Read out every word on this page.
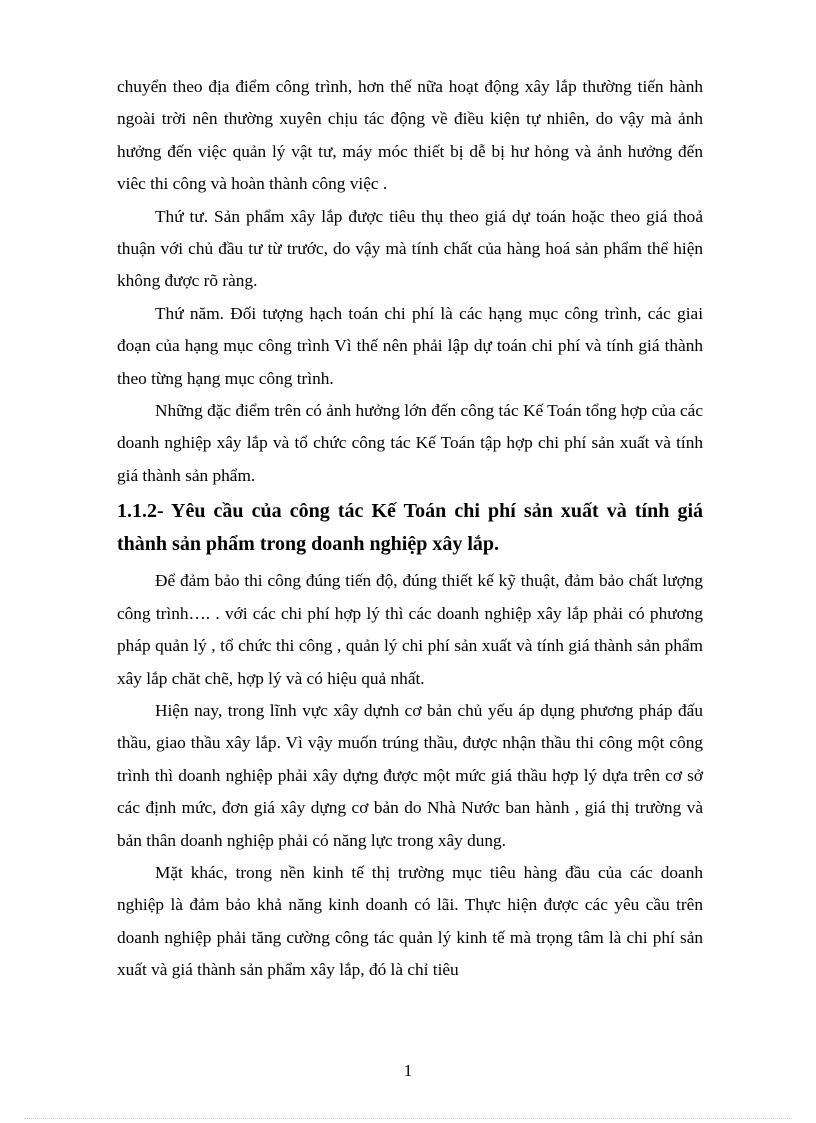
chuyển theo địa điểm công trình, hơn thế nữa hoạt động xây lắp thường tiến hành ngoài trời nên thường xuyên chịu tác động về điều kiện tự nhiên, do vậy mà ảnh hưởng đến việc quản lý vật tư, máy móc thiết bị dễ bị hư hỏng và ảnh hưởng đến viêc thi công và hoàn thành công việc .

Thứ tư. Sản phẩm xây lắp được tiêu thụ theo giá dự toán hoặc theo giá thoả thuận với chủ đầu tư từ trước, do vậy mà tính chất của hàng hoá sản phẩm thể hiện không được rõ ràng.

Thứ năm. Đối tượng hạch toán chi phí là các hạng mục công trình, các giai đoạn của hạng mục công trình Vì thế nên phải lập dự toán chi phí và tính giá thành theo từng hạng mục công trình.

Những đặc điểm trên có ảnh hưởng lớn đến công tác Kế Toán tổng hợp của các doanh nghiệp xây lắp và tổ chức công tác Kế Toán tập hợp chi phí sản xuất và tính giá thành sản phẩm.

1.1.2- Yêu cầu của công tác Kế Toán chi phí sản xuất và tính giá thành sản phẩm trong doanh nghiệp xây lắp.

Để đảm bảo thi công đúng tiến độ, đúng thiết kế kỹ thuật, đảm bảo chất lượng công trình…. . với các chi phí hợp lý thì các doanh nghiệp xây lắp phải có phương pháp quản lý , tổ chức thi công , quản lý chi phí sản xuất và tính giá thành sản phẩm xây lắp chăt chẽ, hợp lý và có hiệu quả nhất.

Hiện nay, trong lĩnh vực xây dựnh cơ bản chủ yếu áp dụng phương pháp đấu thầu, giao thầu xây lắp. Vì vậy muốn trúng thầu, được nhận thầu thi công một công trình thì doanh nghiệp phải xây dựng được một mức giá thầu hợp lý dựa trên cơ sở các định mức, đơn giá xây dựng cơ bản do Nhà Nước ban hành , giá thị trường và bản thân doanh nghiệp phải có năng lực trong xây dung.

Mặt khác, trong nền kinh tế thị trường mục tiêu hàng đầu của các doanh nghiệp là đảm bảo khả năng kinh doanh có lãi. Thực hiện được các yêu cầu trên doanh nghiệp phải tăng cường công tác quản lý kinh tế mà trọng tâm là chi phí sản xuất và giá thành sản phẩm xây lắp, đó là chỉ tiêu

1
